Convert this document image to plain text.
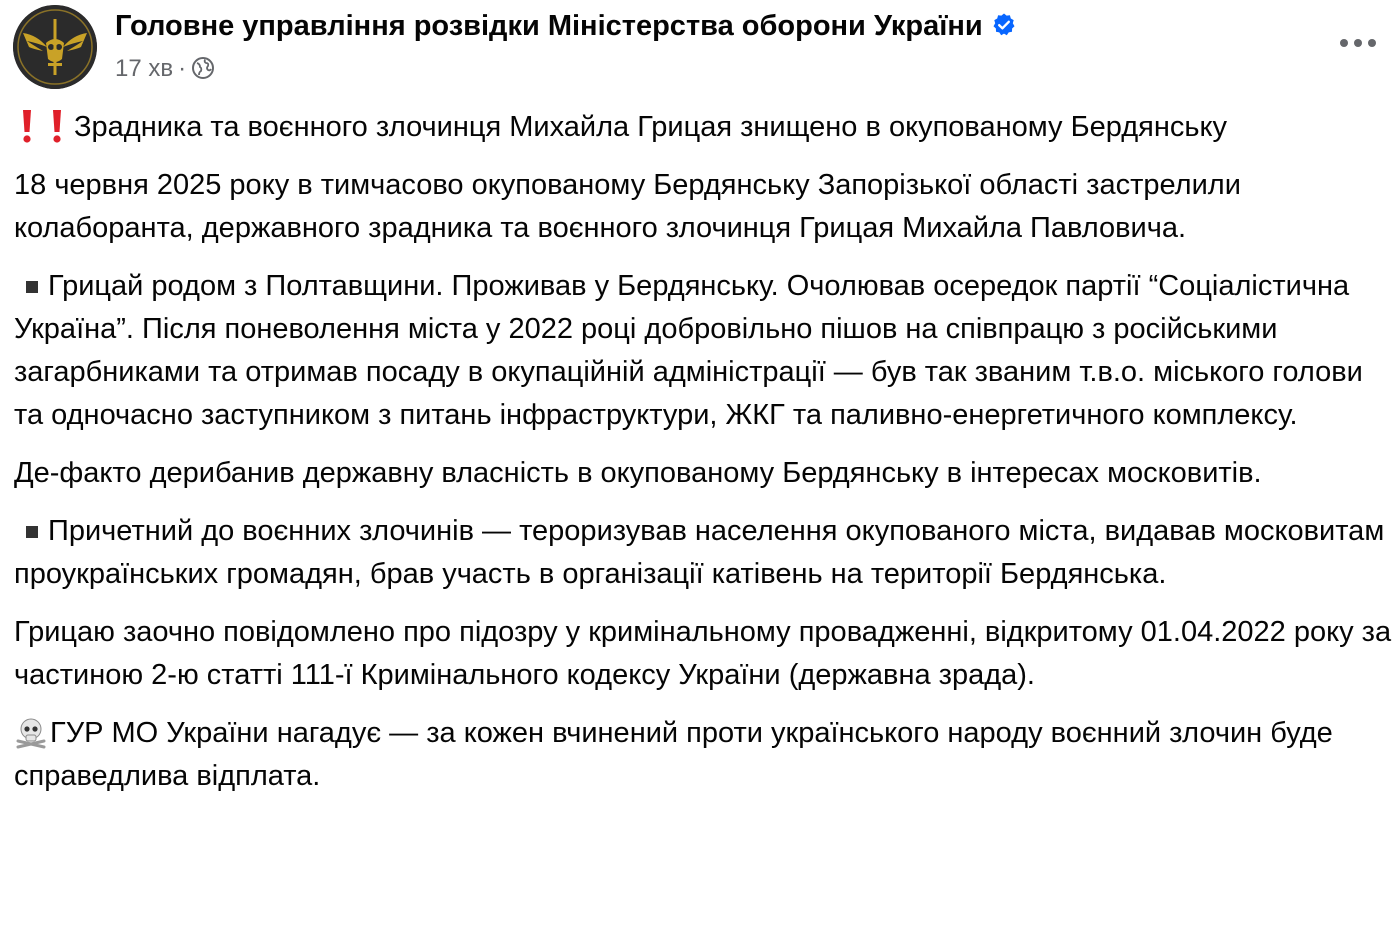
Головне управління розвідки Міністерства оборони України
17 хв ·

Зрадника та воєнного злочинця Михайла Грицая знищено в окупованому Бердянську

18 червня 2025 року в тимчасово окупованому Бердянську Запорізької області застрелили колаборанта, державного зрадника та воєнного злочинця Грицая Михайла Павловича.

Грицай родом з Полтавщини. Проживав у Бердянську. Очолював осередок партії “Соціалістична Україна”. Після поневолення міста у 2022 році добровільно пішов на співпрацю з російськими загарбниками та отримав посаду в окупаційній адміністрації — був так званим т.в.о. міського голови та одночасно заступником з питань інфраструктури, ЖКГ та паливно-енергетичного комплексу.

Де-факто дерибанив державну власність в окупованому Бердянську в інтересах московитів.

Причетний до воєнних злочинів — тероризував населення окупованого міста, видавав московитам проукраїнських громадян, брав участь в організації катівень на території Бердянська.

Грицаю заочно повідомлено про підозру у кримінальному провадженні, відкритому 01.04.2022 року за частиною 2-ю статті 111-ї Кримінального кодексу України (державна зрада).

ГУР МО України нагадує — за кожен вчинений проти українського народу воєнний злочин буде справедлива відплата.
